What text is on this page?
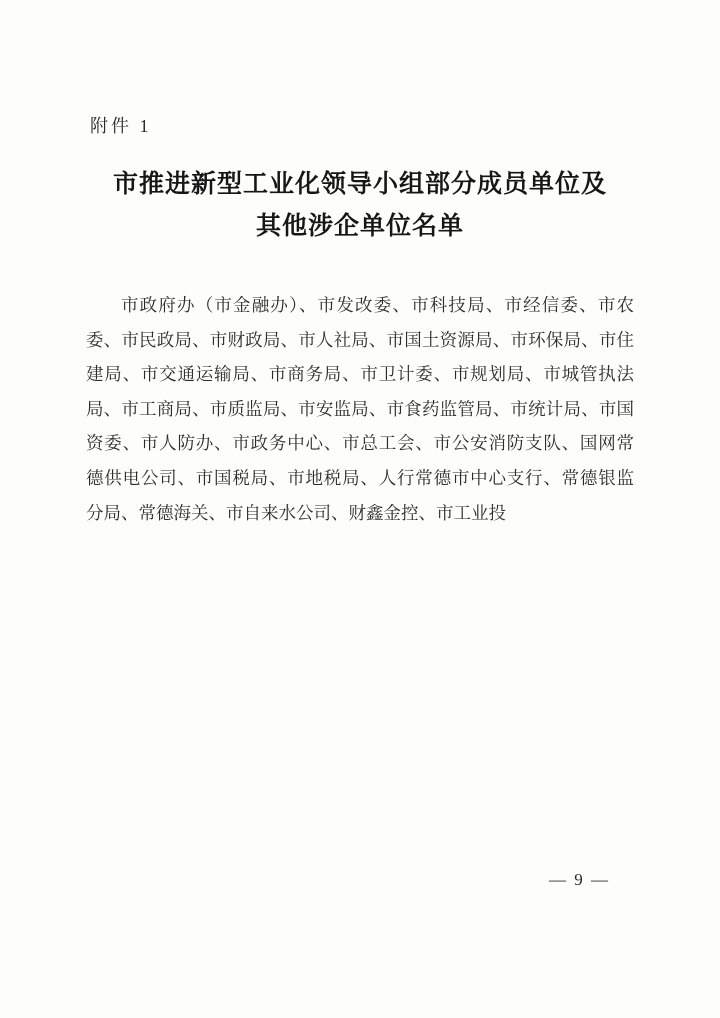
附件 1
市推进新型工业化领导小组部分成员单位及
其他涉企单位名单
市政府办（市金融办）、市发改委、市科技局、市经信委、市农
委、市民政局、市财政局、市人社局、市国土资源局、市环保局、市住
建局、市交通运输局、市商务局、市卫计委、市规划局、市城管执法
局、市工商局、市质监局、市安监局、市食药监管局、市统计局、市国
资委、市人防办、市政务中心、市总工会、市公安消防支队、国网常
德供电公司、市国税局、市地税局、人行常德市中心支行、常德银监
分局、常德海关、市自来水公司、财鑫金控、市工业投
— 9 —
